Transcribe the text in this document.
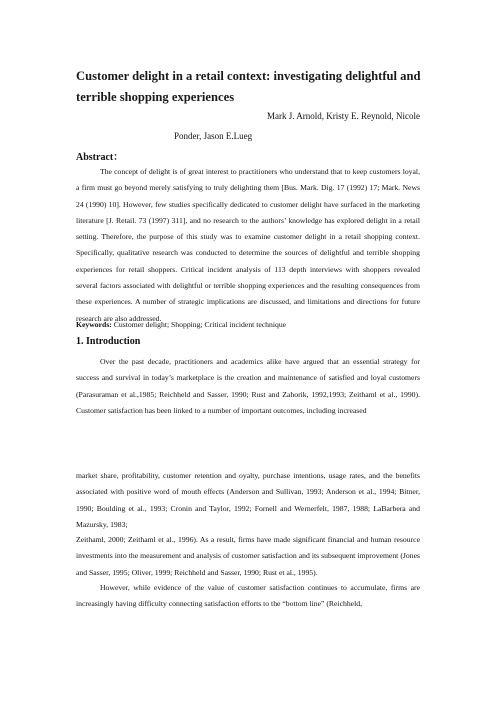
Customer delight in a retail context: investigating delightful and terrible shopping experiences
Mark J. Arnold, Kristy E. Reynold, Nicole
Ponder, Jason E.Lueg
Abstract：

The concept of delight is of great interest to practitioners who understand that to keep customers loyal, a firm must go beyond merely satisfying to truly delighting them [Bus. Mark. Dig. 17 (1992) 17; Mark. News 24 (1990) 10]. However, few studies specifically dedicated to customer delight have surfaced in the marketing literature [J. Retail. 73 (1997) 311], and no research to the authors’ knowledge has explored delight in a retail setting. Therefore, the purpose of this study was to examine customer delight in a retail shopping context. Specifically, qualitative research was conducted to determine the sources of delightful and terrible shopping experiences for retail shoppers. Critical incident analysis of 113 depth interviews with shoppers revealed several factors associated with delightful or terrible shopping experiences and the resulting consequences from these experiences. A number of strategic implications are discussed, and limitations and directions for future research are also addressed.

Keywords: Customer delight; Shopping; Critical incident technique

1. Introduction

Over the past decade, practitioners and academics alike have argued that an essential strategy for success and survival in today’s marketplace is the creation and maintenance of satisfied and loyal customers (Parasuraman et al.,1985; Reichheld and Sasser, 1990; Rust and Zahorik, 1992,1993; Zeithaml et al., 1990). Customer satisfaction has been linked to a number of important outcomes, including increased

market share, profitability, customer retention and oyalty, purchase intentions, usage rates, and the benefits associated with positive word of mouth effects (Anderson and Sullivan, 1993; Anderson et al., 1994; Bitner, 1990; Boulding et al., 1993; Cronin and Taylor, 1992; Fornell and Wernerfelt, 1987, 1988; LaBarbera and Mazursky, 1983;

Zeithaml, 2000; Zeithaml et al., 1996). As a result, firms have made significant financial and human resource investments into the measurement and analysis of customer satisfaction and its subsequent improvement (Jones and Sasser, 1995; Oliver, 1999; Reichheld and Sasser, 1990; Rust et al., 1995).

However, while evidence of the value of customer satisfaction continues to accumulate, firms are increasingly having difficulty connecting satisfaction efforts to the “bottom line” (Reichheld,
